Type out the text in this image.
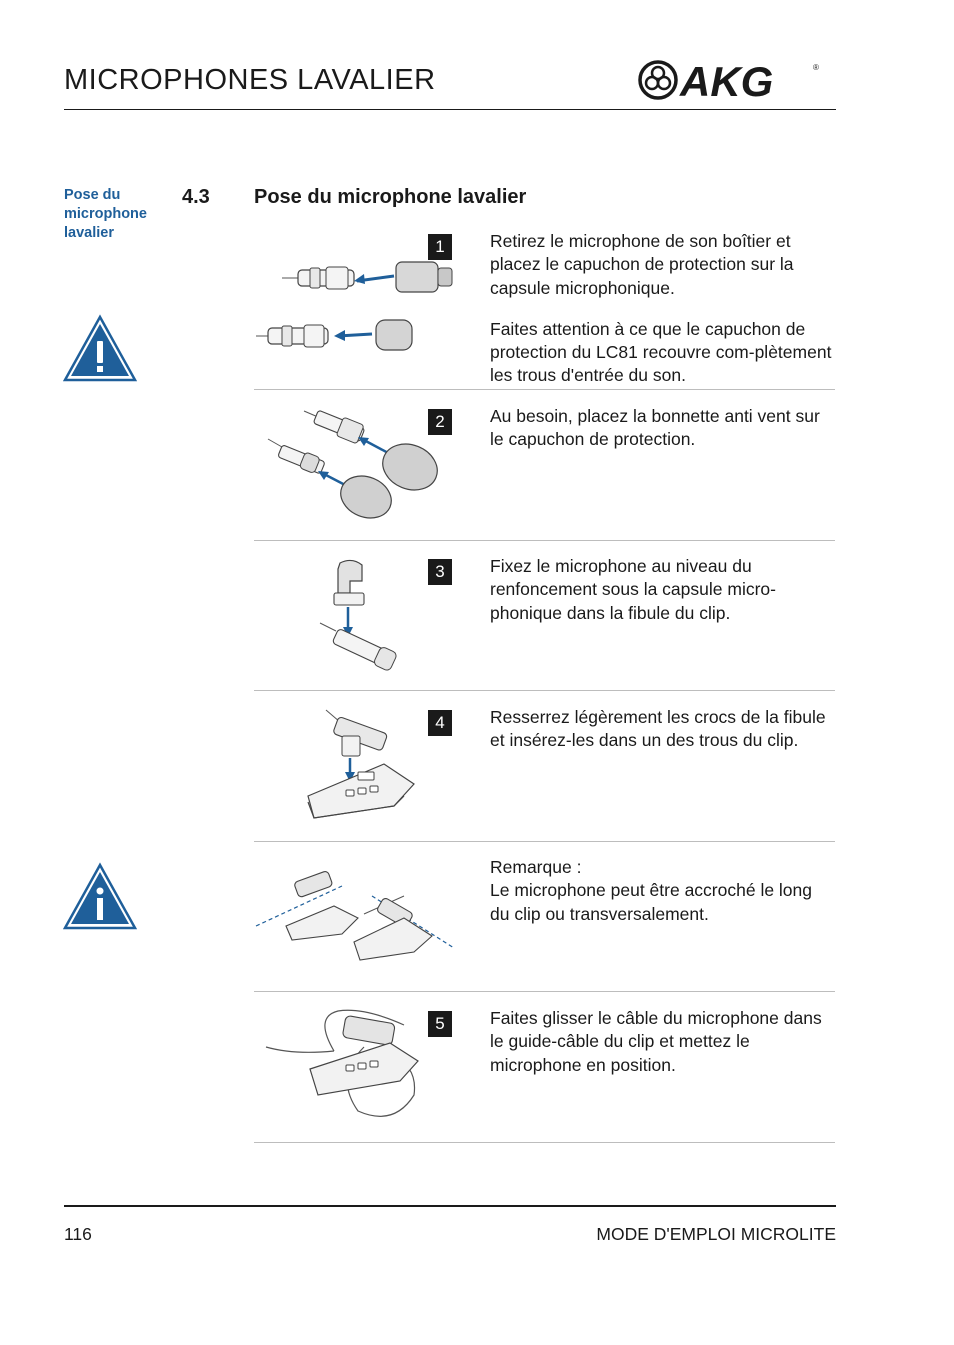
MICROPHONES LAVALIER	AKG	®
Pose du microphone lavalier
4.3 Pose du microphone lavalier
1	Retirez le microphone de son boîtier et placez le capuchon de protection sur la capsule microphonique.

Faites attention à ce que le capuchon de protection du LC81 recouvre com-plètement les trous d'entrée du son.

2	Au besoin, placez la bonnette anti vent sur le capuchon de protection.

3	Fixez le microphone au niveau du renfoncement sous la capsule micro-phonique dans la fibule du clip.

4	Resserrez légèrement les crocs de la fibule et insérez-les dans un des trous du clip.

Remarque :

Le microphone peut être accroché le long du clip ou transversalement.

5	Faites glisser le câble du microphone dans le guide-câble du clip et mettez le microphone en position.

116	MODE D'EMPLOI MICROLITE
